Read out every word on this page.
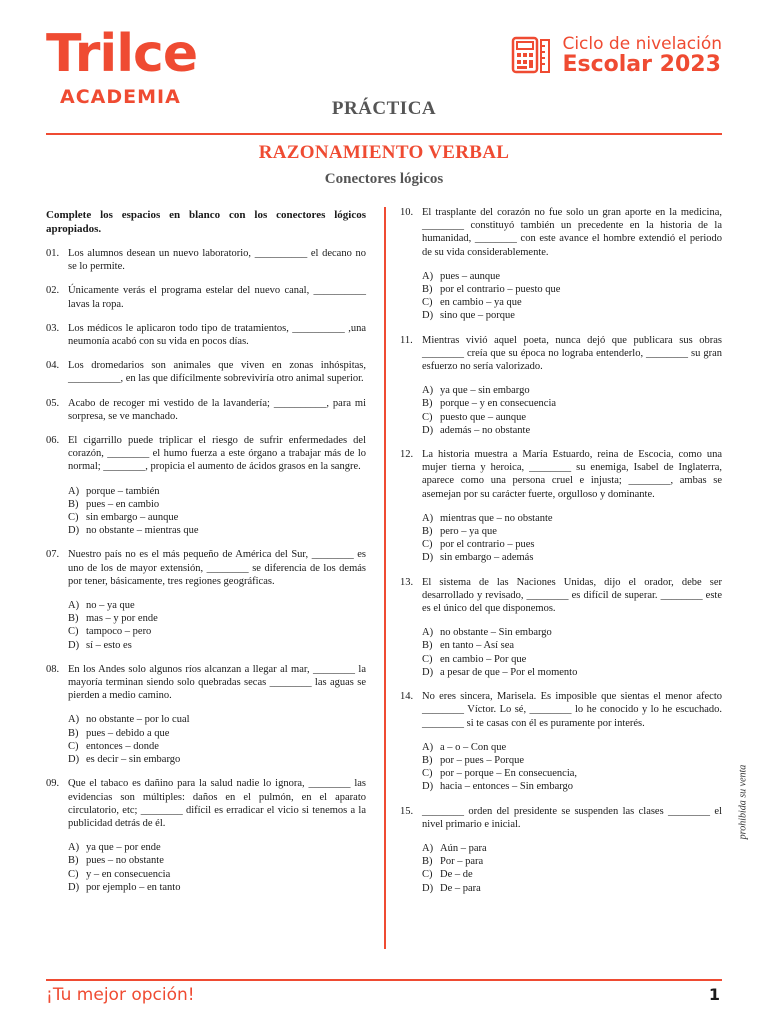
Trilce
ACADEMIA
Ciclo de nivelación
Escolar 2023
PRÁCTICA
RAZONAMIENTO VERBAL
Conectores lógicos
Complete los espacios en blanco con los conectores lógicos apropiados.
01. Los alumnos desean un nuevo laboratorio, __________ el decano no se lo permite.
02. Únicamente verás el programa estelar del nuevo canal, __________ lavas la ropa.
03. Los médicos le aplicaron todo tipo de tratamientos, __________ ,una neumonía acabó con su vida en pocos días.
04. Los dromedarios son animales que viven en zonas inhóspitas, __________, en las que difícilmente sobreviviría otro animal superior.
05. Acabo de recoger mi vestido de la lavandería; __________, para mi sorpresa, se ve manchado.
06. El cigarrillo puede triplicar el riesgo de sufrir enfermedades del corazón, ________ el humo fuerza a este órgano a trabajar más de lo normal; ________, propicia el aumento de ácidos grasos en la sangre.
A) porque – también
B) pues – en cambio
C) sin embargo – aunque
D) no obstante – mientras que
07. Nuestro país no es el más pequeño de América del Sur, ________ es uno de los de mayor extensión, ________ se diferencia de los demás por tener, básicamente, tres regiones geográficas.
A) no – ya que
B) mas – y por ende
C) tampoco – pero
D) sí – esto es
08. En los Andes solo algunos ríos alcanzan a llegar al mar, ________ la mayoría terminan siendo solo quebradas secas ________ las aguas se pierden a medio camino.
A) no obstante – por lo cual
B) pues – debido a que
C) entonces – donde
D) es decir – sin embargo
09. Que el tabaco es dañino para la salud nadie lo ignora, ________ las evidencias son múltiples: daños en el pulmón, en el aparato circulatorio, etc; ________ difícil es erradicar el vicio si tenemos a la publicidad detrás de él.
A) ya que – por ende
B) pues – no obstante
C) y – en consecuencia
D) por ejemplo – en tanto
10. El trasplante del corazón no fue solo un gran aporte en la medicina, ________ constituyó también un precedente en la historia de la humanidad, ________ con este avance el hombre extendió el periodo de su vida considerablemente.
A) pues – aunque
B) por el contrario – puesto que
C) en cambio – ya que
D) sino que – porque
11. Mientras vivió aquel poeta, nunca dejó que publicara sus obras ________ creía que su época no lograba entenderlo, ________ su gran esfuerzo no sería valorizado.
A) ya que – sin embargo
B) porque – y en consecuencia
C) puesto que – aunque
D) además – no obstante
12. La historia muestra a María Estuardo, reina de Escocia, como una mujer tierna y heroica, ________ su enemiga, Isabel de Inglaterra, aparece como una persona cruel e injusta; ________, ambas se asemejan por su carácter fuerte, orgulloso y dominante.
A) mientras que – no obstante
B) pero – ya que
C) por el contrario – pues
D) sin embargo – además
13. El sistema de las Naciones Unidas, dijo el orador, debe ser desarrollado y revisado, ________ es difícil de superar. ________ este es el único del que disponemos.
A) no obstante – Sin embargo
B) en tanto – Así sea
C) en cambio – Por que
D) a pesar de que – Por el momento
14. No eres sincera, Marisela. Es imposible que sientas el menor afecto ________ Víctor. Lo sé, ________ lo he conocido y lo he escuchado. ________ si te casas con él es puramente por interés.
A) a – o – Con que
B) por – pues – Porque
C) por – porque – En consecuencia,
D) hacia – entonces – Sin embargo
15. ________ orden del presidente se suspenden las clases ________ el nivel primario e inicial.
A) Aún – para
B) Por – para
C) De – de
D) De – para
prohibida su venta
¡Tu mejor opción!	1
